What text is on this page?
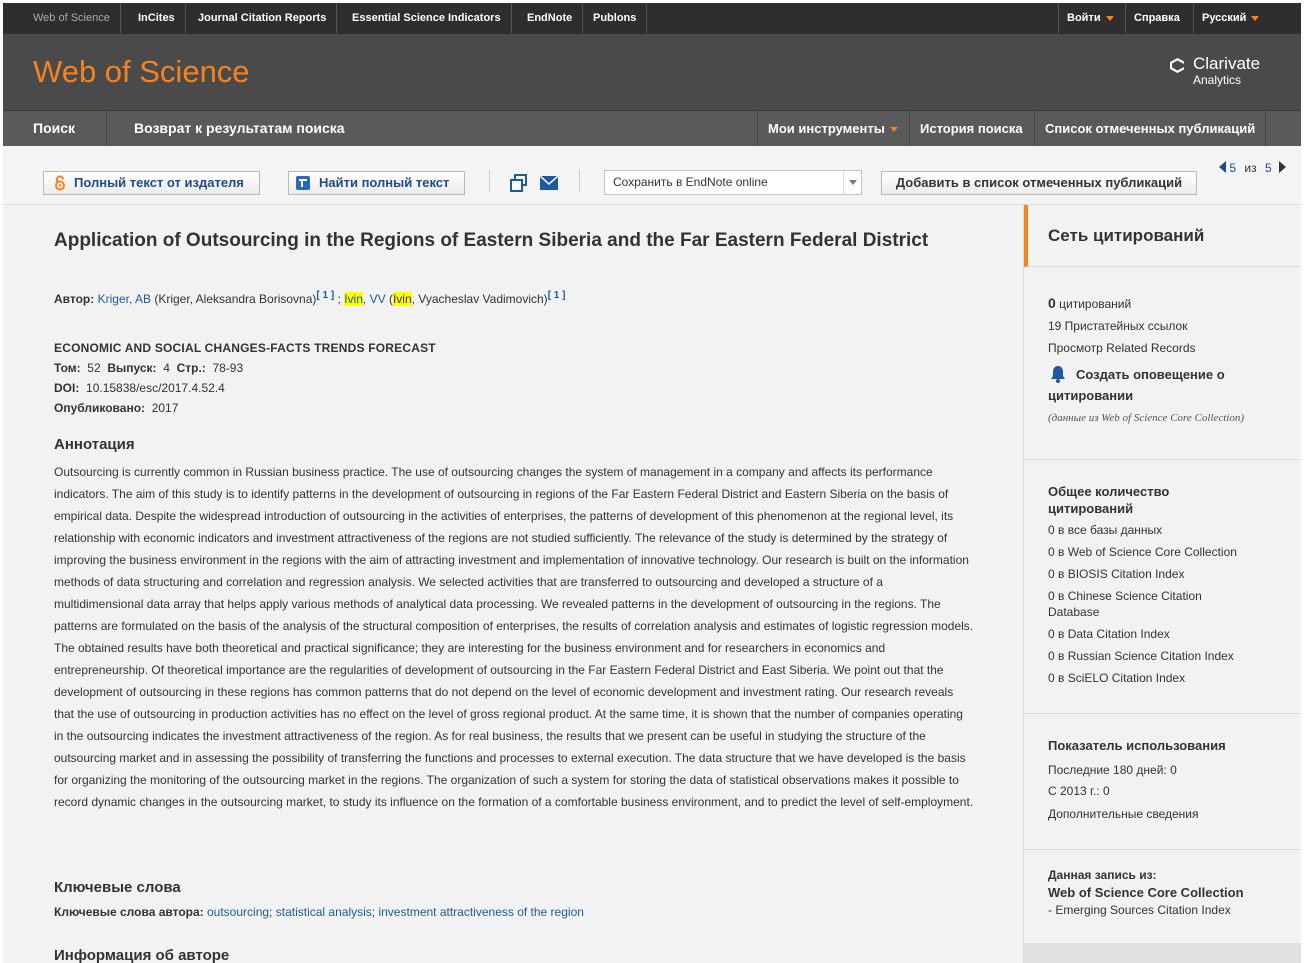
Web of Science	InCites	Journal Citation Reports	Essential Science Indicators	EndNote	Publons	Войти	Справка	Русский
Web of Science	Clarivate
Analytics
Поиск	Возврат к результатам поиска	Мои инструменты	История поиска	Список отмеченных публикаций
Полный текст от издателя	Найти полный текст	Сохранить в EndNote online	Добавить в список отмеченных публикаций
5 из 5
Application of Outsourcing in the Regions of Eastern Siberia and the Far Eastern Federal District
Автор: Kriger, AB (Kriger, Aleksandra Borisovna)[ 1 ] ; Ivin, VV (Ivin, Vyacheslav Vadimovich)[ 1 ]
ECONOMIC AND SOCIAL CHANGES-FACTS TRENDS FORECAST
Том: 52 Выпуск: 4 Стр.: 78-93
DOI: 10.15838/esc/2017.4.52.4
Опубликовано: 2017
Аннотация
Outsourcing is currently common in Russian business practice. The use of outsourcing changes the system of management in a company and affects its performance indicators. The aim of this study is to identify patterns in the development of outsourcing in regions of the Far Eastern Federal District and Eastern Siberia on the basis of empirical data. Despite the widespread introduction of outsourcing in the activities of enterprises, the patterns of development of this phenomenon at the regional level, its relationship with economic indicators and investment attractiveness of the regions are not studied sufficiently. The relevance of the study is determined by the strategy of improving the business environment in the regions with the aim of attracting investment and implementation of innovative technology. Our research is built on the information methods of data structuring and correlation and regression analysis. We selected activities that are transferred to outsourcing and developed a structure of a multidimensional data array that helps apply various methods of analytical data processing. We revealed patterns in the development of outsourcing in the regions. The patterns are formulated on the basis of the analysis of the structural composition of enterprises, the results of correlation analysis and estimates of logistic regression models. The obtained results have both theoretical and practical significance; they are interesting for the business environment and for researchers in economics and entrepreneurship. Of theoretical importance are the regularities of development of outsourcing in the Far Eastern Federal District and East Siberia. We point out that the development of outsourcing in these regions has common patterns that do not depend on the level of economic development and investment rating. Our research reveals that the use of outsourcing in production activities has no effect on the level of gross regional product. At the same time, it is shown that the number of companies operating in the outsourcing indicates the investment attractiveness of the region. As for real business, the results that we present can be useful in studying the structure of the outsourcing market and in assessing the possibility of transferring the functions and processes to external execution. The data structure that we have developed is the basis for organizing the monitoring of the outsourcing market in the regions. The organization of such a system for storing the data of statistical observations makes it possible to record dynamic changes in the outsourcing market, to study its influence on the formation of a comfortable business environment, and to predict the level of self-employment.
Ключевые слова
Ключевые слова автора: outsourcing; statistical analysis; investment attractiveness of the region
Информация об авторе
Сеть цитирований
0 цитирований
19 Пристатейных ссылок
Просмотр Related Records
Создать оповещение о
цитировании
(данные из Web of Science Core Collection)
Общее количество
цитирований
0 в все базы данных
0 в Web of Science Core Collection
0 в BIOSIS Citation Index
0 в Chinese Science Citation
Database
0 в Data Citation Index
0 в Russian Science Citation Index
0 в SciELO Citation Index
Показатель использования
Последние 180 дней: 0
С 2013 г.: 0
Дополнительные сведения
Данная запись из:
Web of Science Core Collection
- Emerging Sources Citation Index
